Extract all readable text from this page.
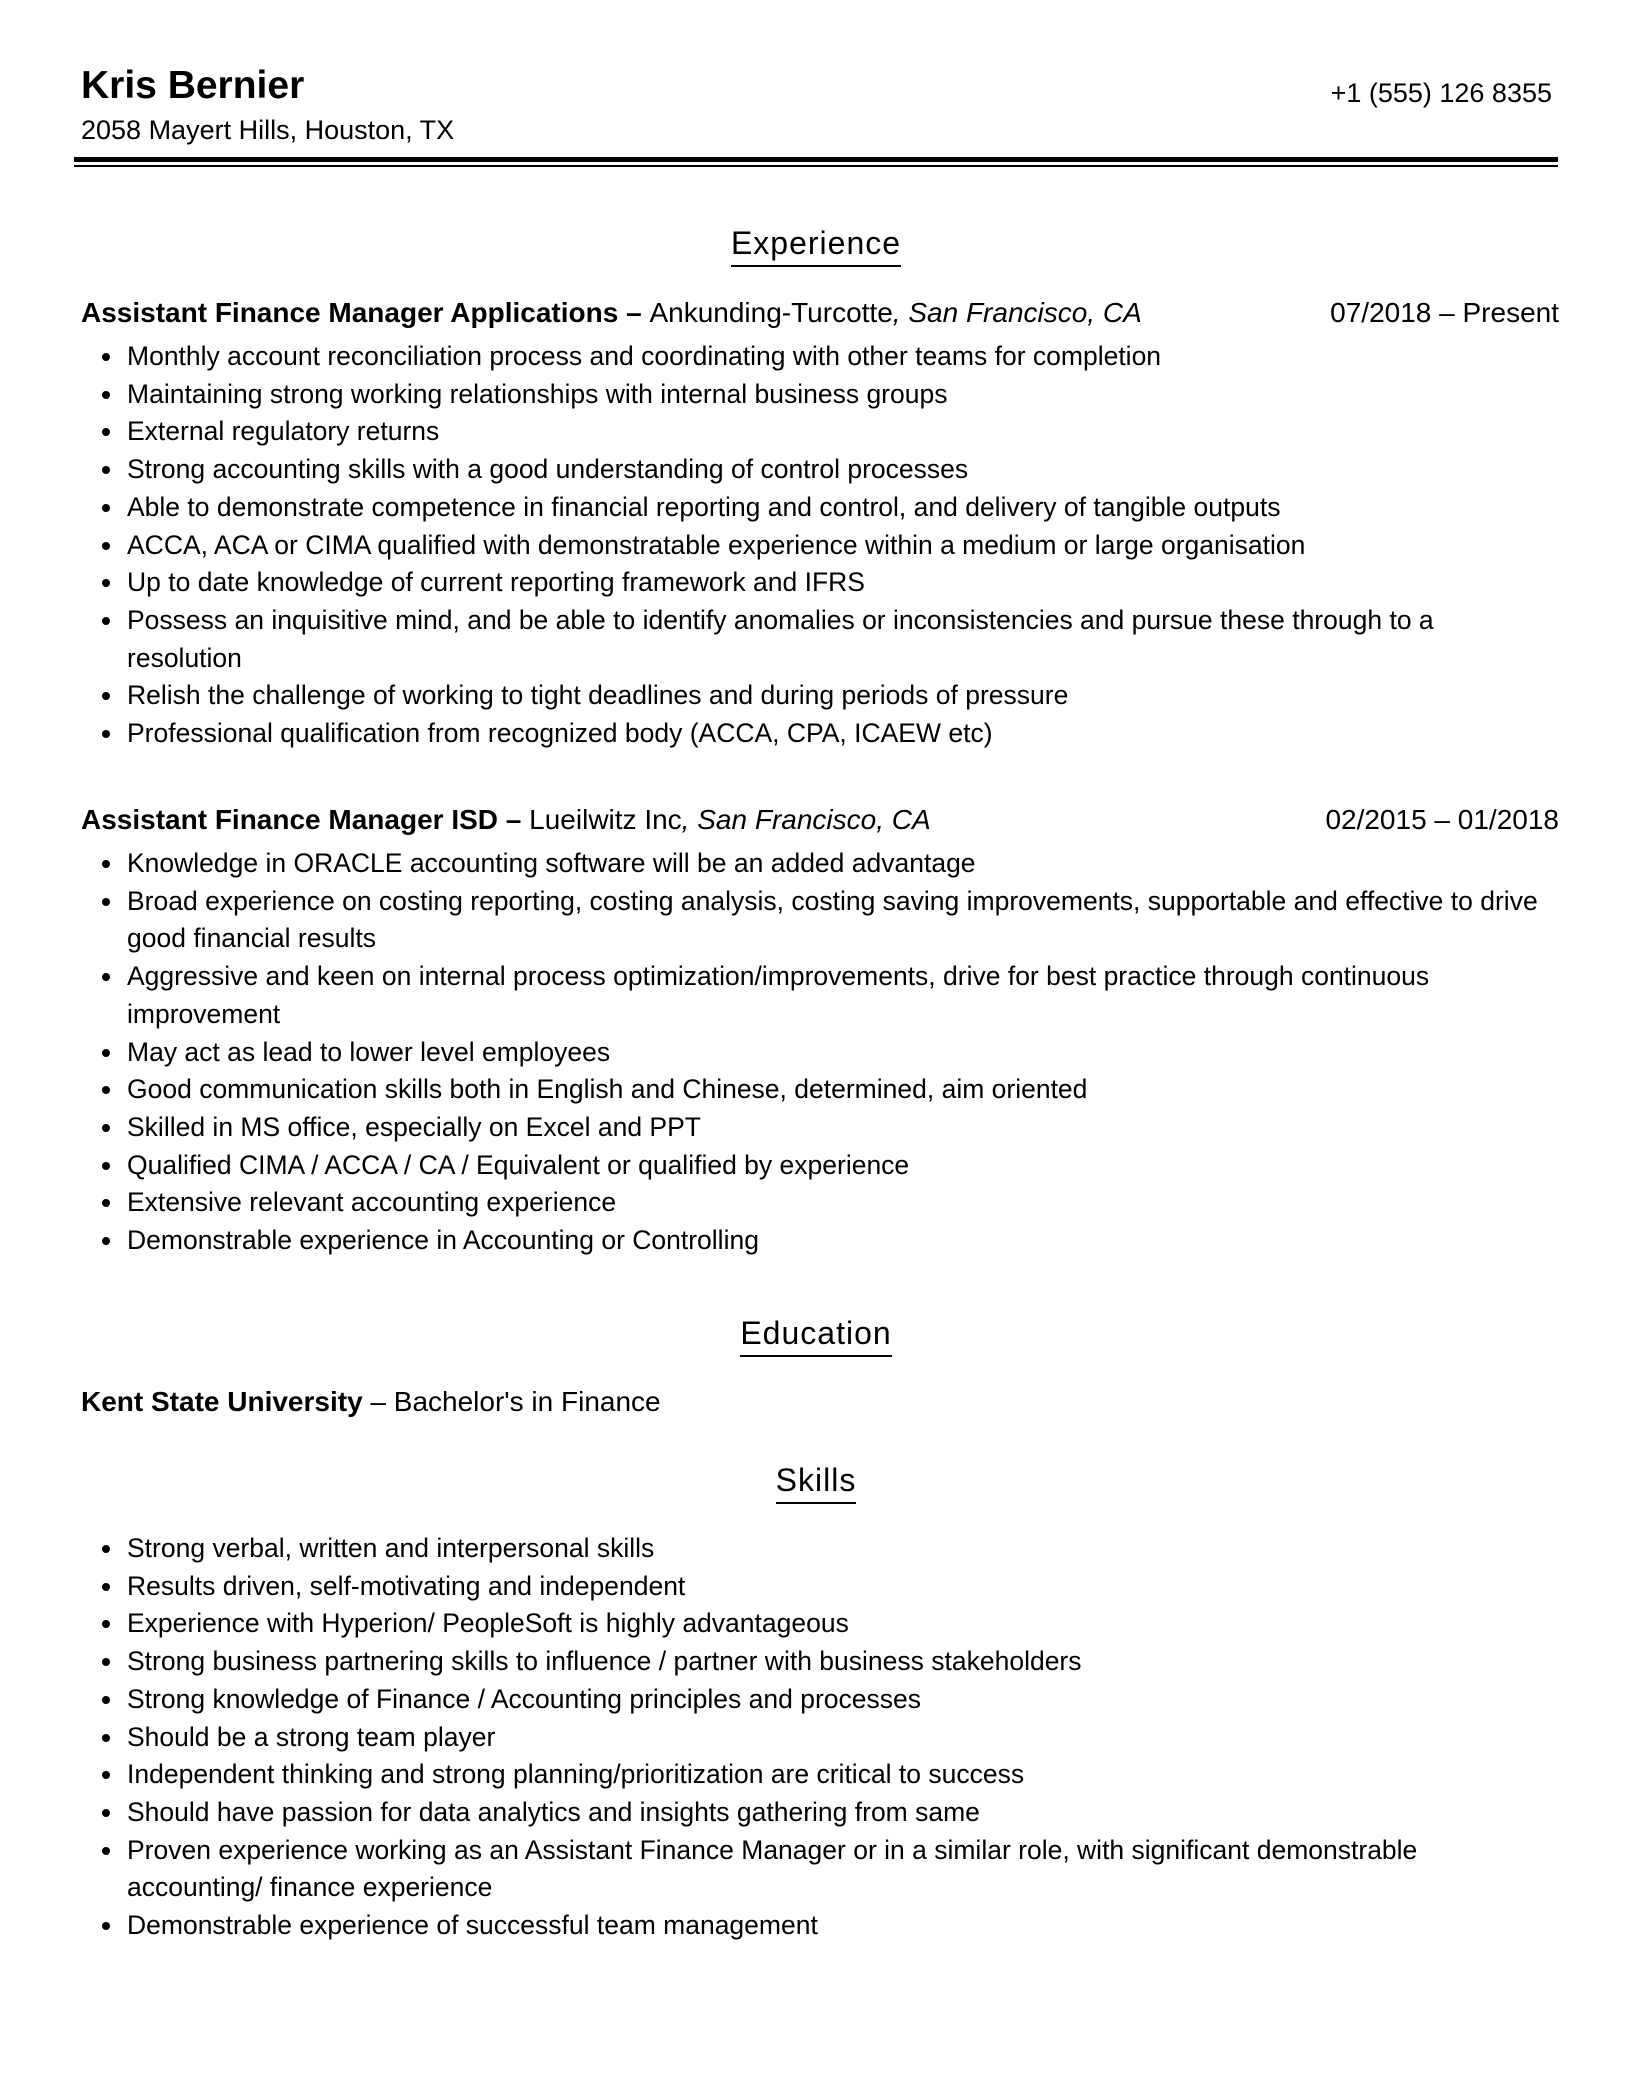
Kris Bernier
2058 Mayert Hills, Houston, TX
+1 (555) 126 8355
Experience
Assistant Finance Manager Applications – Ankunding-Turcotte, San Francisco, CA	07/2018 – Present
Monthly account reconciliation process and coordinating with other teams for completion
Maintaining strong working relationships with internal business groups
External regulatory returns
Strong accounting skills with a good understanding of control processes
Able to demonstrate competence in financial reporting and control, and delivery of tangible outputs
ACCA, ACA or CIMA qualified with demonstratable experience within a medium or large organisation
Up to date knowledge of current reporting framework and IFRS
Possess an inquisitive mind, and be able to identify anomalies or inconsistencies and pursue these through to a resolution
Relish the challenge of working to tight deadlines and during periods of pressure
Professional qualification from recognized body (ACCA, CPA, ICAEW etc)
Assistant Finance Manager ISD – Lueilwitz Inc, San Francisco, CA	02/2015 – 01/2018
Knowledge in ORACLE accounting software will be an added advantage
Broad experience on costing reporting, costing analysis, costing saving improvements, supportable and effective to drive good financial results
Aggressive and keen on internal process optimization/improvements, drive for best practice through continuous improvement
May act as lead to lower level employees
Good communication skills both in English and Chinese, determined, aim oriented
Skilled in MS office, especially on Excel and PPT
Qualified CIMA / ACCA / CA / Equivalent or qualified by experience
Extensive relevant accounting experience
Demonstrable experience in Accounting or Controlling
Education
Kent State University – Bachelor's in Finance
Skills
Strong verbal, written and interpersonal skills
Results driven, self-motivating and independent
Experience with Hyperion/ PeopleSoft is highly advantageous
Strong business partnering skills to influence / partner with business stakeholders
Strong knowledge of Finance / Accounting principles and processes
Should be a strong team player
Independent thinking and strong planning/prioritization are critical to success
Should have passion for data analytics and insights gathering from same
Proven experience working as an Assistant Finance Manager or in a similar role, with significant demonstrable accounting/ finance experience
Demonstrable experience of successful team management
